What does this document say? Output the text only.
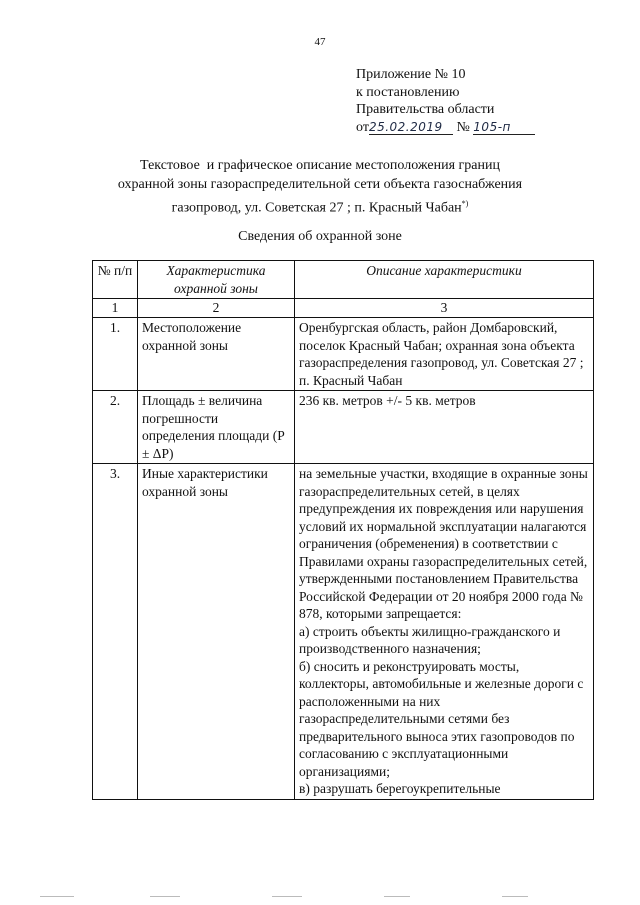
47
Приложение № 10
к постановлению
Правительства области
от25.02.2019 № 105-п
Текстовое  и графическое описание местоположения границ
охранной зоны газораспределительной сети объекта газоснабжения
газопровод, ул. Советская 27 ; п. Красный Чабан*)
Сведения об охранной зоне
№ п/п	Характеристика охранной зоны	Описание характеристики
1	2	3
1.	Местоположение охранной зоны	Оренбургская область, район Домбаровский, поселок Красный Чабан; охранная зона объекта газораспределения газопровод, ул. Советская 27 ; п. Красный Чабан
2.	Площадь ± величина погрешности определения площади (P ± ΔP)	236 кв. метров +/- 5 кв. метров
3.	Иные характеристики охранной зоны	на земельные участки, входящие в охранные зоны газораспределительных сетей, в целях предупреждения их повреждения или нарушения условий их нормальной эксплуатации налагаются ограничения (обременения) в соответствии с Правилами охраны газораспределительных сетей, утвержденными постановлением Правительства Российской Федерации от 20 ноября 2000 года № 878, которыми запрещается:
а) строить объекты жилищно-гражданского и производственного назначения;
б) сносить и реконструировать мосты, коллекторы, автомобильные и железные дороги с расположенными на них газораспределительными сетями без предварительного выноса этих газопроводов по согласованию с эксплуатационными организациями;
в) разрушать берегоукрепительные
